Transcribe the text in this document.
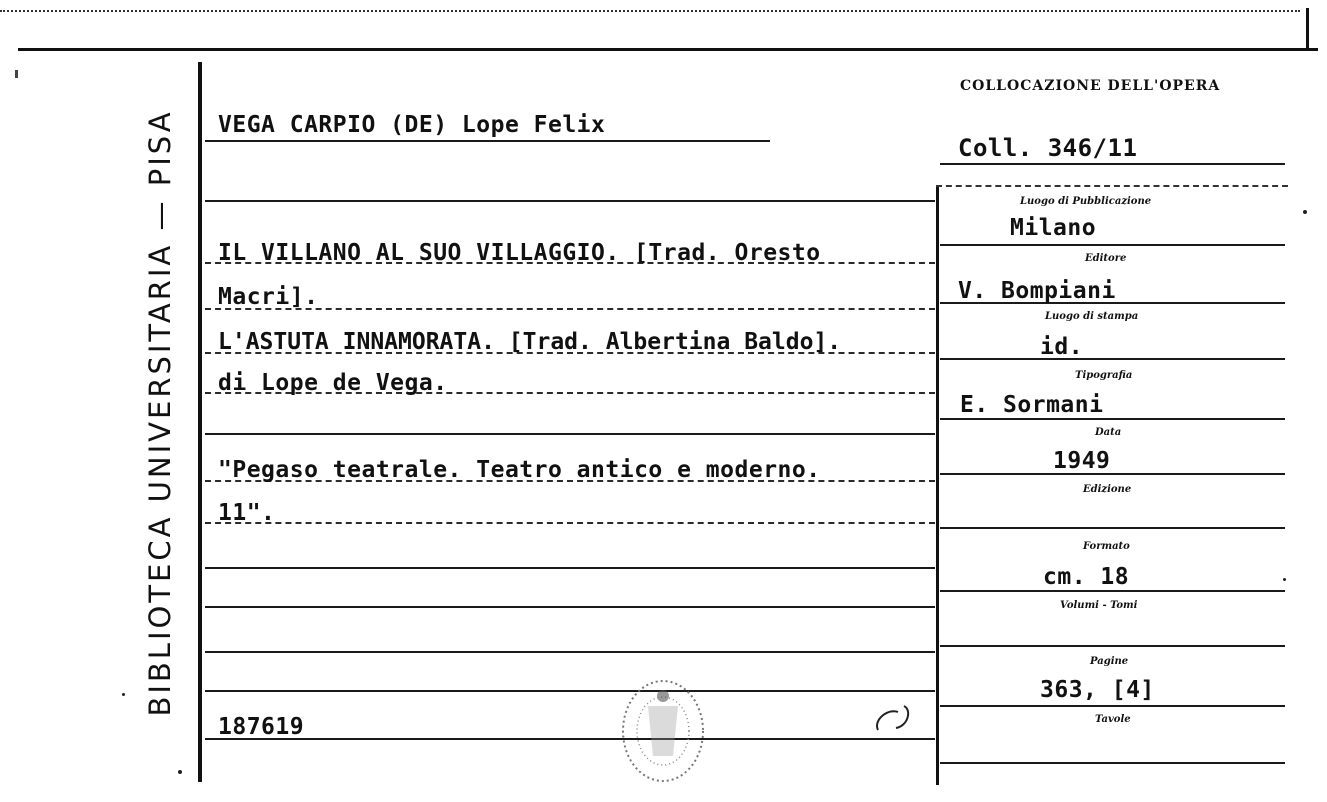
BIBLIOTECA UNIVERSITARIA — PISA VEGA CARPIO (DE) Lope Felix
IL VILLANO AL SUO VILLAGGIO. [Trad. Oresto
Macri].
L'ASTUTA INNAMORATA. [Trad. Albertina Baldo].
di Lope de Vega.
"Pegaso teatrale. Teatro antico e moderno.
11".
187619
COLLOCAZIONE DELL'OPERA
Coll. 346/11
Luogo di Pubblicazione
Milano
Editore
V. Bompiani
Luogo di stampa
id.
Tipografia
E. Sormani
Data
1949
Edizione
Formato
cm. 18
Volumi - Tomi
Pagine
363, [4]
Tavole
